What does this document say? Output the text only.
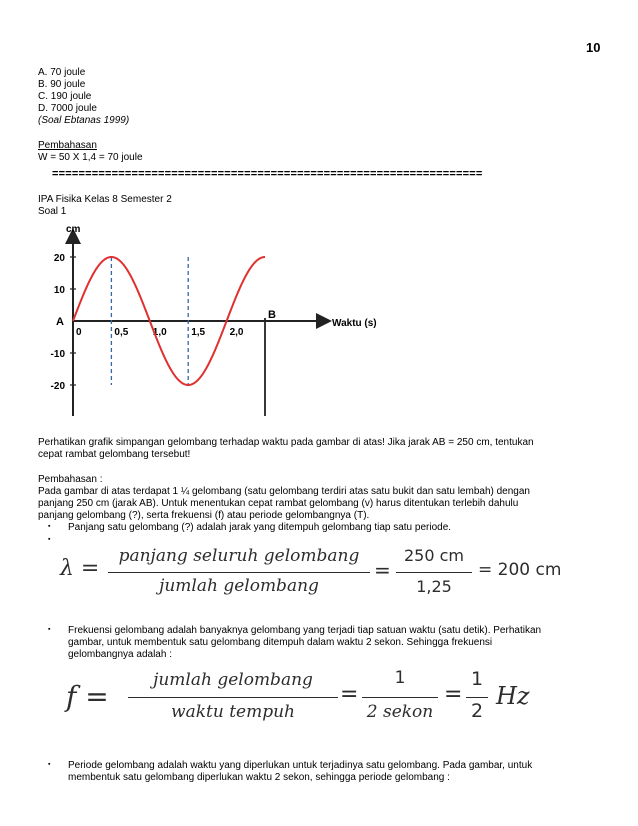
10
A. 70 joule
B. 90 joule
C. 190 joule
D. 7000 joule
(Soal Ebtanas 1999)
Pembahasan
W = 50 X 1,4 = 70 joule
=================================================================
IPA Fisika Kelas 8 Semester 2
Soal 1
cm
Waktu (s)
A
B
20
10
-10
-20
0	0,5 1,0 1,5 2,0
Perhatikan grafik simpangan gelombang terhadap waktu pada gambar di atas! Jika jarak AB = 250 cm, tentukan
cepat rambat gelombang tersebut!
Pembahasan :
Pada gambar di atas terdapat 1 ¼ gelombang (satu gelombang terdiri atas satu bukit dan satu lembah) dengan
panjang 250 cm (jarak AB). Untuk menentukan cepat rambat gelombang (v) harus ditentukan terlebih dahulu
panjang gelombang (?), serta frekuensi (f) atau periode gelombangnya (T).
▪ Panjang satu gelombang (?) adalah jarak yang ditempuh gelombang tiap satu periode.
▪
λ =	panjang seluruh gelombang
jumlah gelombang
=
250 cm
1,25
= 200 cm
▪ Frekuensi gelombang adalah banyaknya gelombang yang terjadi tiap satuan waktu (satu detik). Perhatikan
gambar, untuk membentuk satu gelombang ditempuh dalam waktu 2 sekon. Sehingga frekuensi
gelombangnya adalah :
f =	jumlah gelombang
waktu tempuh
=
1
2 sekon
=
1
2
Hz
▪ Periode gelombang adalah waktu yang diperlukan untuk terjadinya satu gelombang. Pada gambar, untuk
membentuk satu gelombang diperlukan waktu 2 sekon, sehingga periode gelombang :
